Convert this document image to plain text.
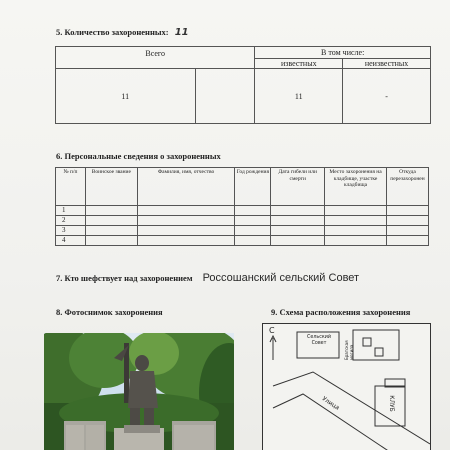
5. Количество захороненных: 11
Всего		В том числе:	
		известных	неизвестных
11		11	-
6. Персональные сведения о захороненных
№ п/п	Воинское звание	Фамилия, имя, отчество	Год рождения	Дата гибели или смерти	Место захоронения на кладбище, участке кладбища	Откуда перезахоронен
1						
2						
3						
4						
7. Кто шефствует над захоронением Россошанский сельский Совет
8. Фотоснимок захоронения	9. Схема расположения захоронения
С
Сельский Совет	Братская могила
Улица	КЛУБ
